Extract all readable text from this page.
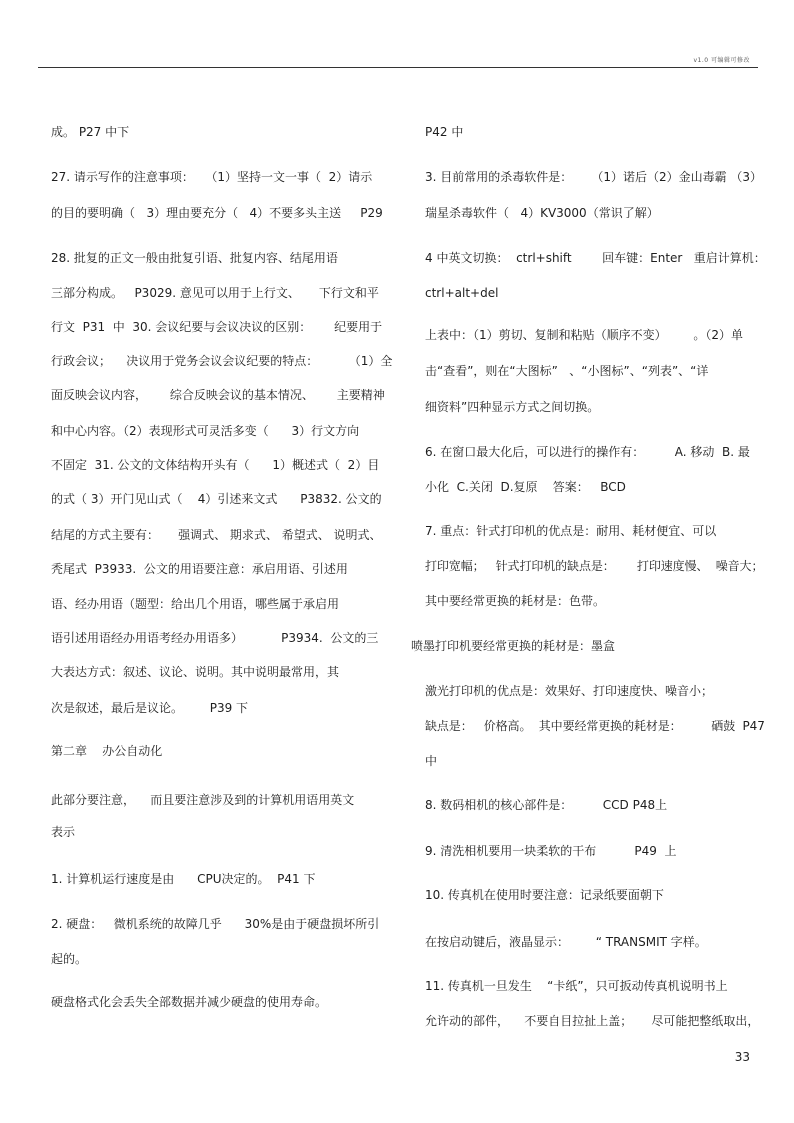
v1.0 可编辑可修改
成。 P27 中下
27. 请示写作的注意事项：   （1）坚持一文一事（  2）请示
的目的要明确（   3）理由要充分（   4）不要多头主送     P29
28. 批复的正文一般由批复引语、批复内容、结尾用语
三部分构成。   P3029. 意见可以用于上行文、     下行文和平
行文  P31  中  30. 会议纪要与会议决议的区别：      纪要用于
行政会议；    决议用于党务会议会议纪要的特点：        （1）全
面反映会议内容，      综合反映会议的基本情况、      主要精神
和中心内容。（2）表现形式可灵活多变（      3）行文方向
不固定  31. 公文的文体结构开头有（      1）概述式（  2）目
的式（ 3）开门见山式（    4）引述来文式      P3832. 公文的
结尾的方式主要有：     强调式、 期求式、 希望式、 说明式、
秃尾式  P3933.  公文的用语要注意：承启用语、引述用
语、经办用语（题型：给出几个用语，哪些属于承启用
语引述用语经办用语考经办用语多）          P3934.  公文的三
大表达方式：叙述、议论、说明。其中说明最常用，其
次是叙述，最后是议论。       P39 下
第二章    办公自动化
此部分要注意，    而且要注意涉及到的计算机用语用英文
表示
1. 计算机运行速度是由      CPU决定的。  P41 下
2. 硬盘：   微机系统的故障几乎      30%是由于硬盘损坏所引
起的。
硬盘格式化会丢失全部数据并减少硬盘的使用寿命。
P42 中
3. 目前常用的杀毒软件是：     （1）诺后（2）金山毒霸 （3）
瑞星杀毒软件（   4）KV3000（常识了解）
4 中英文切换：  ctrl+shift        回车键：Enter   重启计算机：
ctrl+alt+del
上表中：（1）剪切、复制和粘贴（顺序不变）       。（2）单
击“查看”，则在“大图标”   、“小图标”、“列表”、“详
细资料”四种显示方式之间切换。
6. 在窗口最大化后，可以进行的操作有：        A. 移动  B. 最
小化  C.关闭  D.复原    答案：   BCD
7. 重点：针式打印机的优点是：耐用、耗材便宜、可以
打印宽幅；   针式打印机的缺点是：      打印速度慢、  噪音大；
其中要经常更换的耗材是：色带。
喷墨打印机要经常更换的耗材是：墨盒
激光打印机的优点是：效果好、打印速度快、噪音小；
缺点是：   价格高。  其中要经常更换的耗材是：        硒鼓  P47
中
8. 数码相机的核心部件是：        CCD P48上
9. 清洗相机要用一块柔软的干布          P49  上
10. 传真机在使用时要注意：记录纸要面朝下
在按启动键后，液晶显示：       “ TRANSMIT 字样。
11. 传真机一旦发生    “卡纸”，只可扳动传真机说明书上
允许动的部件，    不要自目拉扯上盖；     尽可能把整纸取出，
33
